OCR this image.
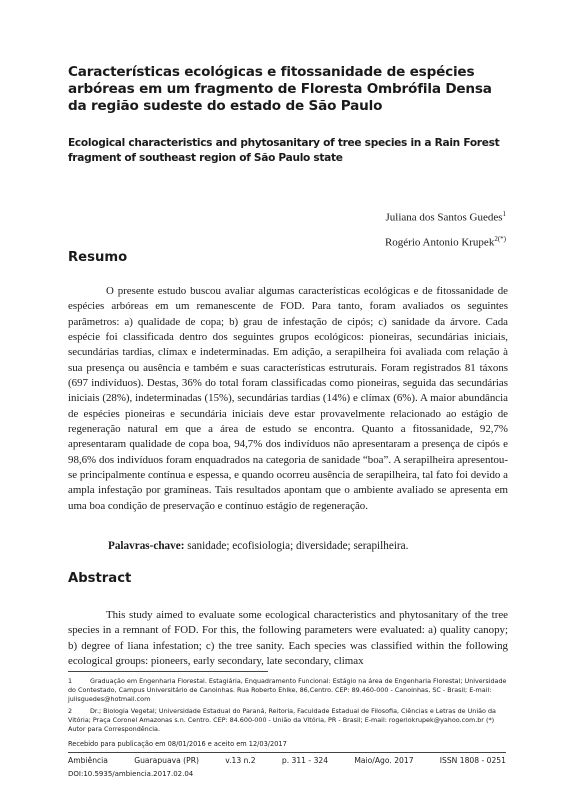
Características ecológicas e fitossanidade de espécies arbóreas em um fragmento de Floresta Ombrófila Densa da região sudeste do estado de São Paulo
Ecological characteristics and phytosanitary of tree species in a Rain Forest fragment of southeast region of São Paulo state
Juliana dos Santos Guedes$^1$
Rogério Antonio Krupek$^{2(*)}$
Resumo
O presente estudo buscou avaliar algumas características ecológicas e de fitossanidade de espécies arbóreas em um remanescente de FOD. Para tanto, foram avaliados os seguintes parâmetros: a) qualidade de copa; b) grau de infestação de cipós; c) sanidade da árvore. Cada espécie foi classificada dentro dos seguintes grupos ecológicos: pioneiras, secundárias iniciais, secundárias tardias, clímax e indeterminadas. Em adição, a serapilheira foi avaliada com relação à sua presença ou ausência e também e suas características estruturais. Foram registrados 81 táxons (697 indivíduos). Destas, 36% do total foram classificadas como pioneiras, seguida das secundárias iniciais (28%), indeterminadas (15%), secundárias tardias (14%) e clímax (6%). A maior abundância de espécies pioneiras e secundária iniciais deve estar provavelmente relacionado ao estágio de regeneração natural em que a área de estudo se encontra. Quanto a fitossanidade, 92,7% apresentaram qualidade de copa boa, 94,7% dos indivíduos não apresentaram a presença de cipós e 98,6% dos indivíduos foram enquadrados na categoria de sanidade “boa”. A serapilheira apresentou-se principalmente contínua e espessa, e quando ocorreu ausência de serapilheira, tal fato foi devido a ampla infestação por gramíneas. Tais resultados apontam que o ambiente avaliado se apresenta em uma boa condição de preservação e contínuo estágio de regeneração.
Palavras-chave: sanidade; ecofisiologia; diversidade; serapilheira.
Abstract
This study aimed to evaluate some ecological characteristics and phytosanitary of the tree species in a remnant of FOD. For this, the following parameters were evaluated: a) quality canopy; b) degree of liana infestation; c) the tree sanity. Each species was classified within the following ecological groups: pioneers, early secondary, late secondary, climax
1	Graduação em Engenharia Florestal. Estagiária, Enquadramento Funcional: Estágio na área de Engenharia Florestal; Universidade do Contestado, Campus Universitário de Canoinhas. Rua Roberto Ehlke, 86,Centro. CEP: 89.460-000 - Canoinhas, SC - Brasil; E-mail: julisguedes@hotmail.com
2	Dr.; Biologia Vegetal; Universidade Estadual do Paraná, Reitoria, Faculdade Estadual de Filosofia, Ciências e Letras de União da Vitória; Praça Coronel Amazonas s.n. Centro. CEP: 84.600-000 - União da Vitória, PR - Brasil; E-mail: rogeriokrupek@yahoo.com.br (*) Autor para Correspondência.
Recebido para publicação em 08/01/2016 e aceito em 12/03/2017
Ambiência	Guarapuava (PR)	v.13 n.2	p. 311 - 324	Maio/Ago. 2017	ISSN 1808 - 0251
DOI:10.5935/ambiencia.2017.02.04
